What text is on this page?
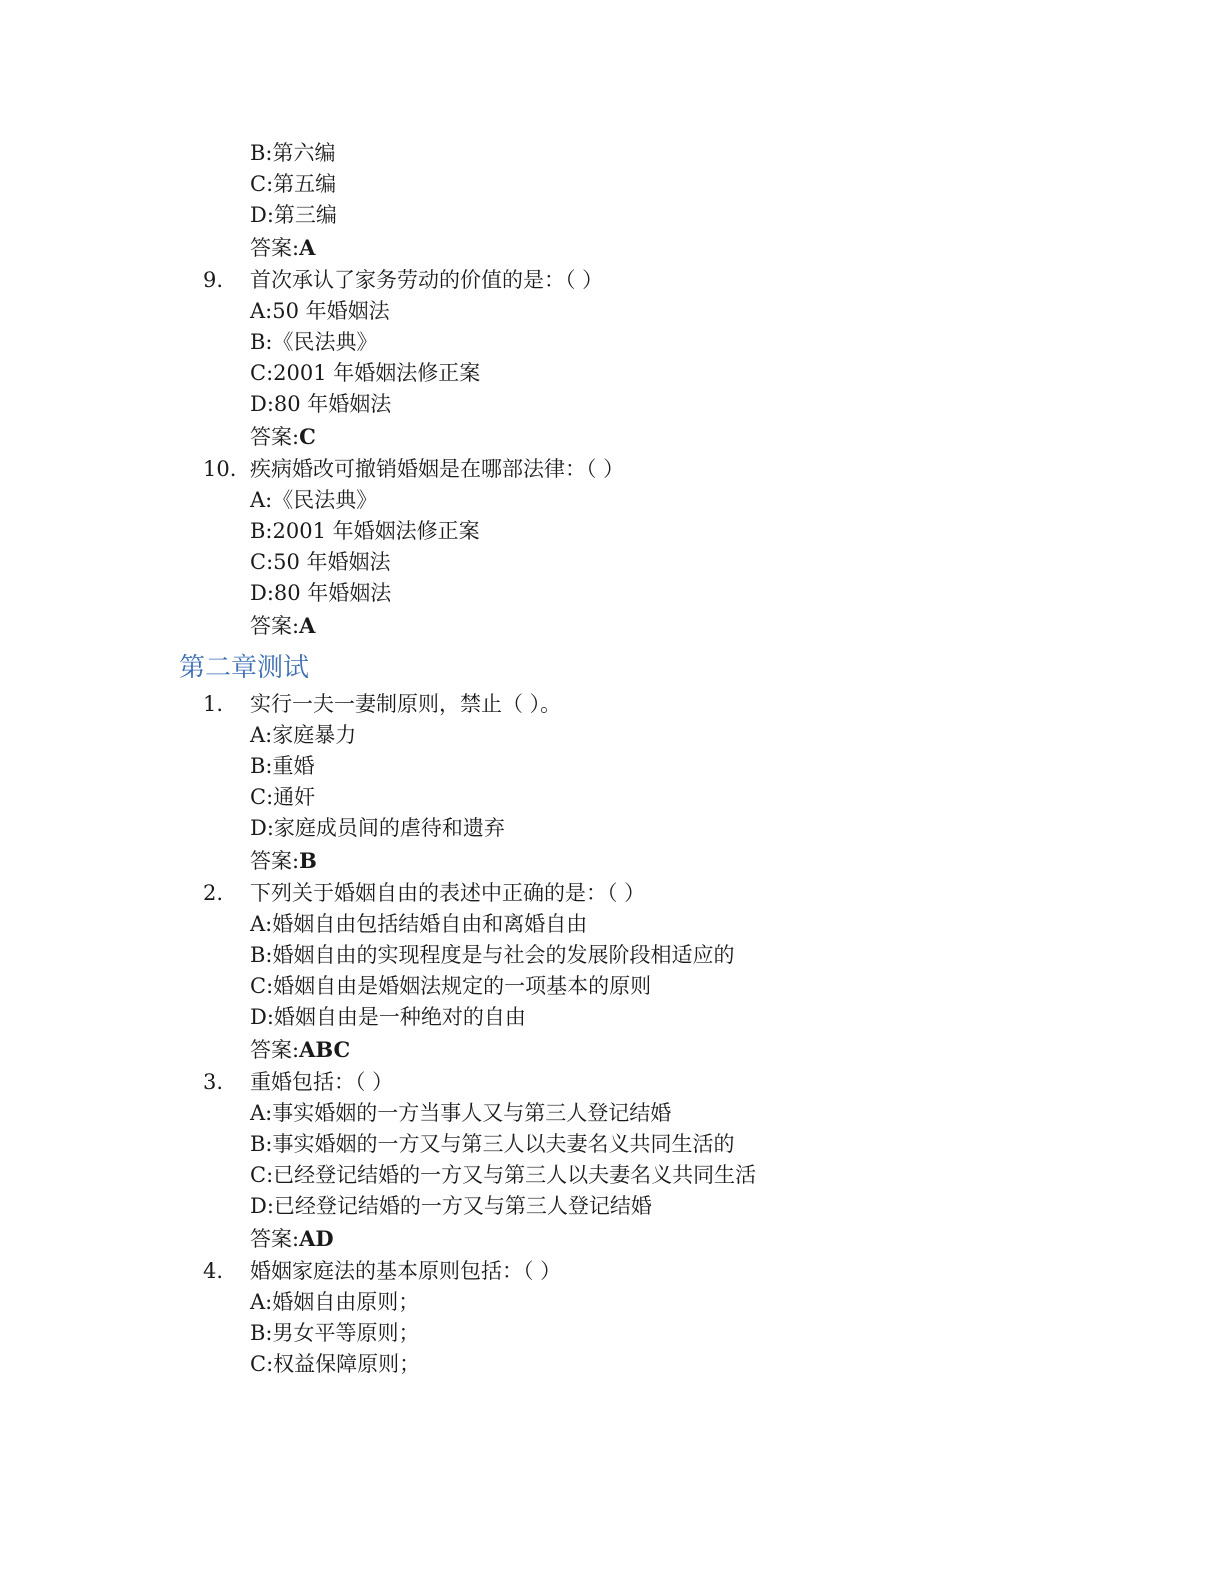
B:第六编
C:第五编
D:第三编
答案:A
9. 首次承认了家务劳动的价值的是：（ ）
A:50 年婚姻法
B:《民法典》
C:2001 年婚姻法修正案
D:80 年婚姻法
答案:C
10. 疾病婚改可撤销婚姻是在哪部法律：（ ）
A:《民法典》
B:2001 年婚姻法修正案
C:50 年婚姻法
D:80 年婚姻法
答案:A
第二章测试
1. 实行一夫一妻制原则，禁止（ ）。
A:家庭暴力
B:重婚
C:通奸
D:家庭成员间的虐待和遗弃
答案:B
2. 下列关于婚姻自由的表述中正确的是：（ ）
A:婚姻自由包括结婚自由和离婚自由
B:婚姻自由的实现程度是与社会的发展阶段相适应的
C:婚姻自由是婚姻法规定的一项基本的原则
D:婚姻自由是一种绝对的自由
答案:ABC
3. 重婚包括：（ ）
A:事实婚姻的一方当事人又与第三人登记结婚
B:事实婚姻的一方又与第三人以夫妻名义共同生活的
C:已经登记结婚的一方又与第三人以夫妻名义共同生活
D:已经登记结婚的一方又与第三人登记结婚
答案:AD
4. 婚姻家庭法的基本原则包括：（ ）
A:婚姻自由原则；
B:男女平等原则；
C:权益保障原则；
